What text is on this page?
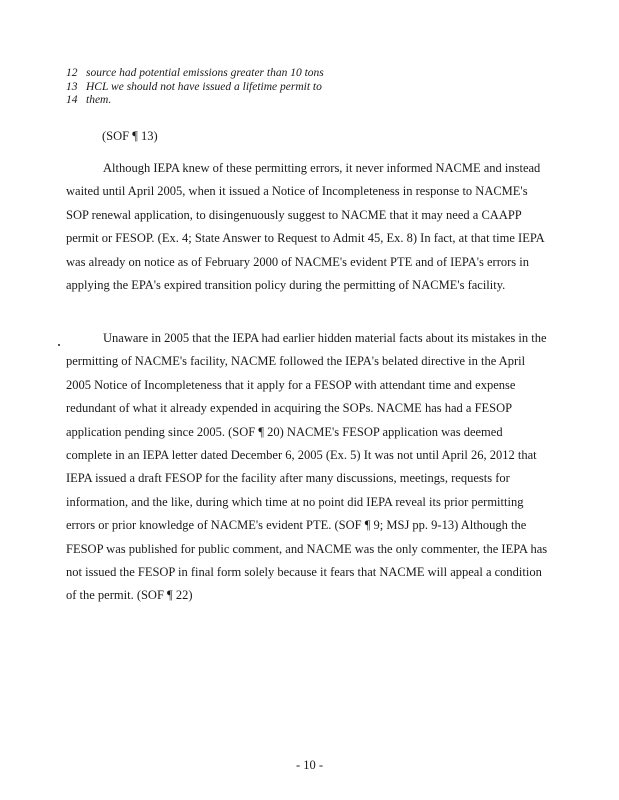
12 source had potential emissions greater than 10 tons
13 HCL we should not have issued a lifetime permit to
14 them.
(SOF ¶ 13)
Although IEPA knew of these permitting errors, it never informed NACME and instead
waited until April 2005, when it issued a Notice of Incompleteness in response to NACME's
SOP renewal application, to disingenuously suggest to NACME that it may need a CAAPP
permit or FESOP. (Ex. 4; State Answer to Request to Admit 45, Ex. 8) In fact, at that time IEPA
was already on notice as of February 2000 of NACME's evident PTE and of IEPA's errors in
applying the EPA's expired transition policy during the permitting of NACME's facility.
Unaware in 2005 that the IEPA had earlier hidden material facts about its mistakes in the
permitting of NACME's facility, NACME followed the IEPA's belated directive in the April
2005 Notice of Incompleteness that it apply for a FESOP with attendant time and expense
redundant of what it already expended in acquiring the SOPs. NACME has had a FESOP
application pending since 2005. (SOF ¶ 20) NACME's FESOP application was deemed
complete in an IEPA letter dated December 6, 2005 (Ex. 5) It was not until April 26, 2012 that
IEPA issued a draft FESOP for the facility after many discussions, meetings, requests for
information, and the like, during which time at no point did IEPA reveal its prior permitting
errors or prior knowledge of NACME's evident PTE. (SOF ¶ 9; MSJ pp. 9-13) Although the
FESOP was published for public comment, and NACME was the only commenter, the IEPA has
not issued the FESOP in final form solely because it fears that NACME will appeal a condition
of the permit. (SOF ¶ 22)
- 10 -
